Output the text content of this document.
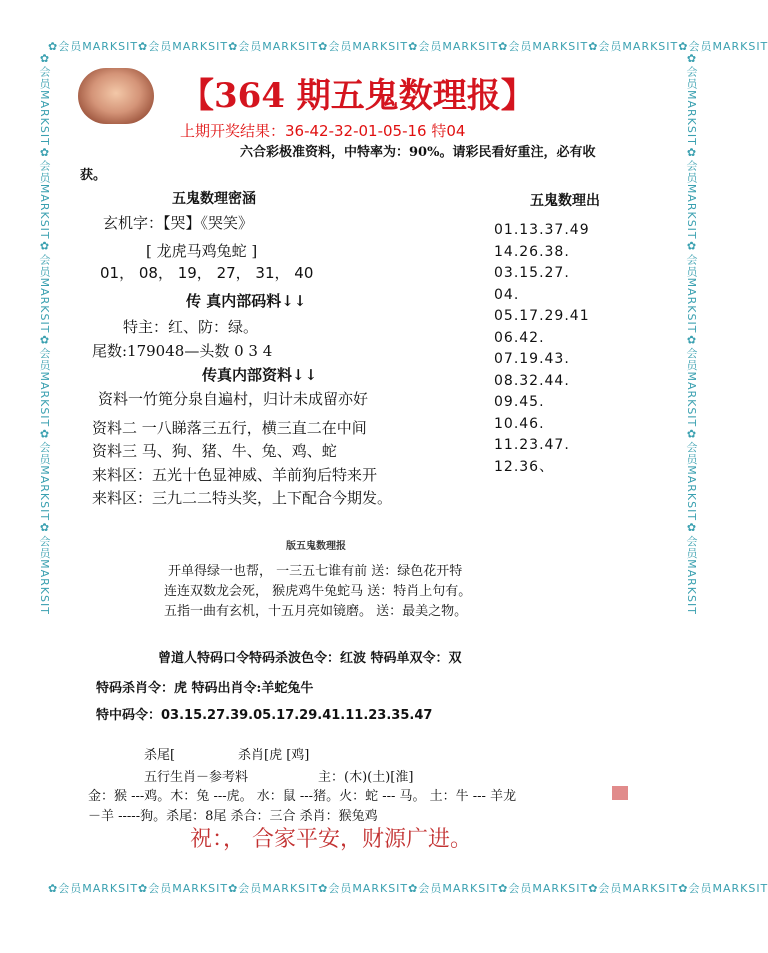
✿会员MARKSIT✿会员MARKSIT✿会员MARKSIT✿会员MARKSIT✿会员MARKSIT✿会员MARKSIT✿会员MARKSIT✿会员MARKSIT
✿会员MARKSIT✿会员MARKSIT✿会员MARKSIT✿会员MARKSIT✿会员MARKSIT✿会员MARKSIT✿会员MARKSIT✿会员MARKSIT
✿会员MARKSIT✿会员MARKSIT✿会员MARKSIT✿会员MARKSIT✿会员MARKSIT✿会员MARKSIT	✿会员MARKSIT✿会员MARKSIT✿会员MARKSIT✿会员MARKSIT✿会员MARKSIT✿会员MARKSIT
【364 期五鬼数理报】
上期开奖结果：36-42-32-01-05-16 特04
六合彩极准资料，中特率为：90%。请彩民看好重注，必有收
获。
五鬼数理密涵
玄机字：【哭】《哭笑》
[ 龙虎马鸡兔蛇 ]
01， 08， 19， 27， 31， 40
传 真内部码料↓↓
特主：红、防：绿。
尾数:179048—头数 0 3 4
传真内部资料↓↓
资料一竹篼分泉自遍村，归计未成留亦好
资料二 一八睇落三五行，横三直二在中间
资料三 马、狗、猪、牛、兔、鸡、蛇
来料区：五光十色显神威、羊前狗后特来开
来料区：三九二二特头奖，上下配合今期发。
五鬼数理出
01.13.37.49
14.26.38.
03.15.27.
04.
05.17.29.41
06.42.
07.19.43.
08.32.44.
09.45.
10.46.
11.23.47.
12.36、
版五鬼数理报
开单得绿一也帮， 一三五七谁有前 送：绿色花开特
连连双数龙会死， 猴虎鸡牛兔蛇马 送：特肖上句有。
五指一曲有玄机，十五月亮如镜磨。 送：最美之物。
曾道人特码口令特码杀波色令：红波 特码单双令：双
特码杀肖令：虎 特码出肖令:羊蛇兔牛
特中码令：03.15.27.39.05.17.29.41.11.23.35.47
杀尾[	杀肖[虎 [鸡]
五行生肖－参考料	主：(木)(土)[淮]
金：猴 ---鸡。木：兔 ---虎。 水：鼠 ---猪。火：蛇 --- 马。 土：牛 --- 羊龙
－羊 -----狗。杀尾：8尾 杀合：三合 杀肖：猴兔鸡
祝：， 合家平安，财源广进。
